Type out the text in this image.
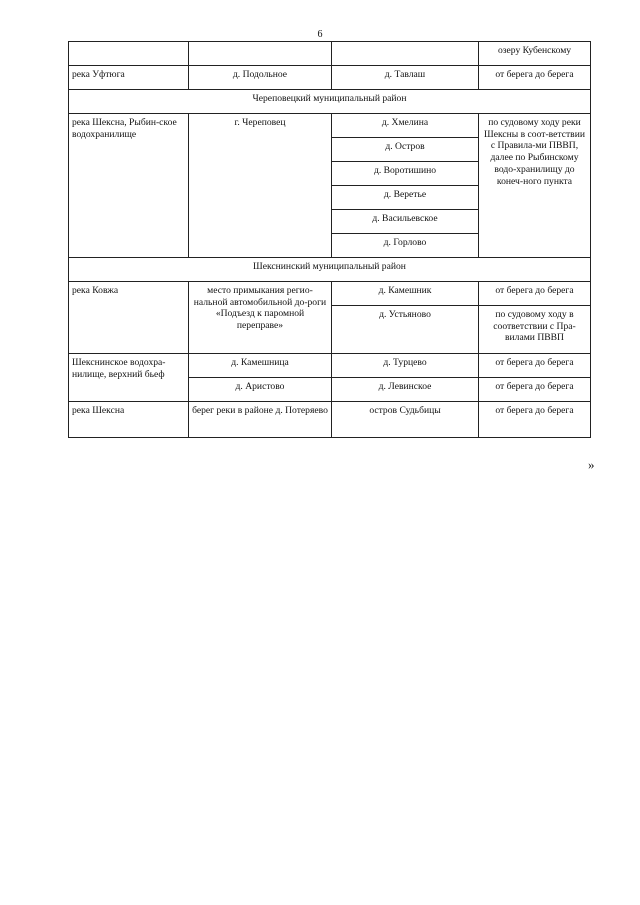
6
			озеру Кубенскому
река Уфтюга	д. Подольное	д. Тавлаш	от берега до берега
Череповецкий муниципальный район			
река Шексна, Рыбин-ское водохранилище	г. Череповец	д. Хмелина	по судовому ходу реки Шексны в соот-ветствии с Правила-ми ПВВП, далее по Рыбинскому водо-хранилищу до конеч-ного пункта
		д. Остров	
		д. Воротишино	
		д. Веретье	
		д. Васильевское	
		д. Горлово	
Шекснинский муниципальный район			
река Ковжа	место примыкания регио-нальной автомобильной до-роги «Подъезд к паромной переправе»	д. Камешник	от берега до берега
		д. Устьяново	по судовому ходу в соответствии с Пра-вилами ПВВП
Шекснинское водохра-нилище, верхний бьеф	д. Камешница	д. Турцево	от берега до берега
	д. Аристово	д. Левинское	от берега до берега
река Шексна	берег реки в районе д. Потеряево	остров Судьбицы	от берега до берега
»
